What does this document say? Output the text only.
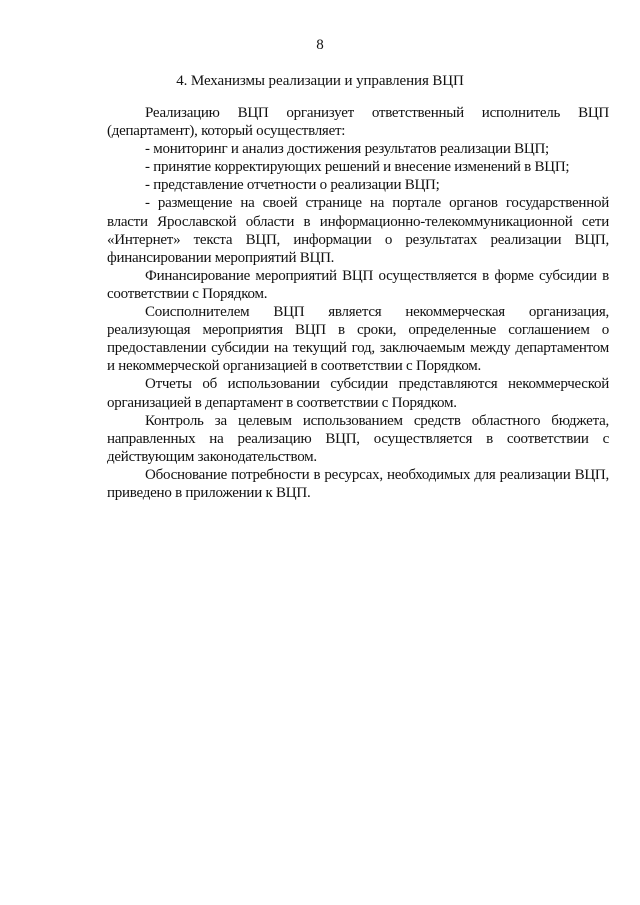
8
4. Механизмы реализации и управления ВЦП

Реализацию ВЦП организует ответственный исполнитель ВЦП (департамент), который осуществляет:

- мониторинг и анализ достижения результатов реализации ВЦП;
- принятие корректирующих решений и внесение изменений в ВЦП;
- представление отчетности о реализации ВЦП;
- размещение на своей странице на портале органов государственной власти Ярославской области в информационно-телекоммуникационной сети «Интернет» текста ВЦП, информации о результатах реализации ВЦП, финансировании мероприятий ВЦП.

Финансирование мероприятий ВЦП осуществляется в форме субсидии в соответствии с Порядком.

Соисполнителем ВЦП является некоммерческая организация, реализующая мероприятия ВЦП в сроки, определенные соглашением о предоставлении субсидии на текущий год, заключаемым между департаментом и некоммерческой организацией в соответствии с Порядком.

Отчеты об использовании субсидии представляются некоммерческой организацией в департамент в соответствии с Порядком.

Контроль за целевым использованием средств областного бюджета, направленных на реализацию ВЦП, осуществляется в соответствии с действующим законодательством.

Обоснование потребности в ресурсах, необходимых для реализации ВЦП, приведено в приложении к ВЦП.
